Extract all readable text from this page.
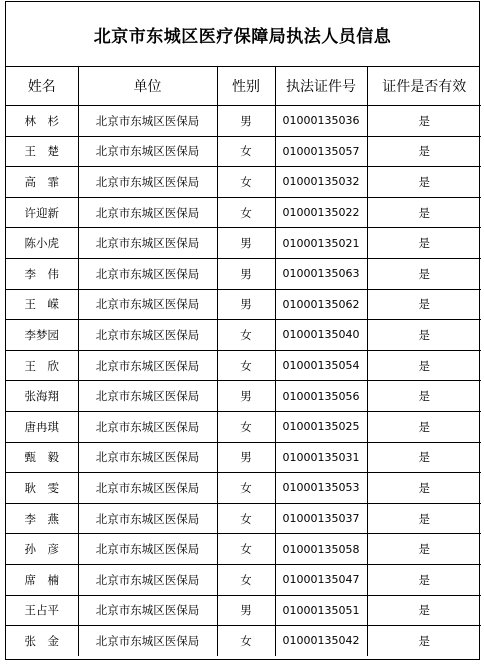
北京市东城区医疗保障局执法人员信息
姓名	单位	性别	执法证件号	证件是否有效
林　杉	北京市东城区医保局	男	01000135036	是
王　楚	北京市东城区医保局	女	01000135057	是
高　霏	北京市东城区医保局	女	01000135032	是
许迎新	北京市东城区医保局	女	01000135022	是
陈小虎	北京市东城区医保局	男	01000135021	是
李　伟	北京市东城区医保局	男	01000135063	是
王　嵘	北京市东城区医保局	男	01000135062	是
李梦园	北京市东城区医保局	女	01000135040	是
王　欣	北京市东城区医保局	女	01000135054	是
张海翔	北京市东城区医保局	男	01000135056	是
唐冉琪	北京市东城区医保局	女	01000135025	是
甄　毅	北京市东城区医保局	男	01000135031	是
耿　雯	北京市东城区医保局	女	01000135053	是
李　燕	北京市东城区医保局	女	01000135037	是
孙　彦	北京市东城区医保局	女	01000135058	是
席　楠	北京市东城区医保局	女	01000135047	是
王占平	北京市东城区医保局	男	01000135051	是
张　金	北京市东城区医保局	女	01000135042	是
